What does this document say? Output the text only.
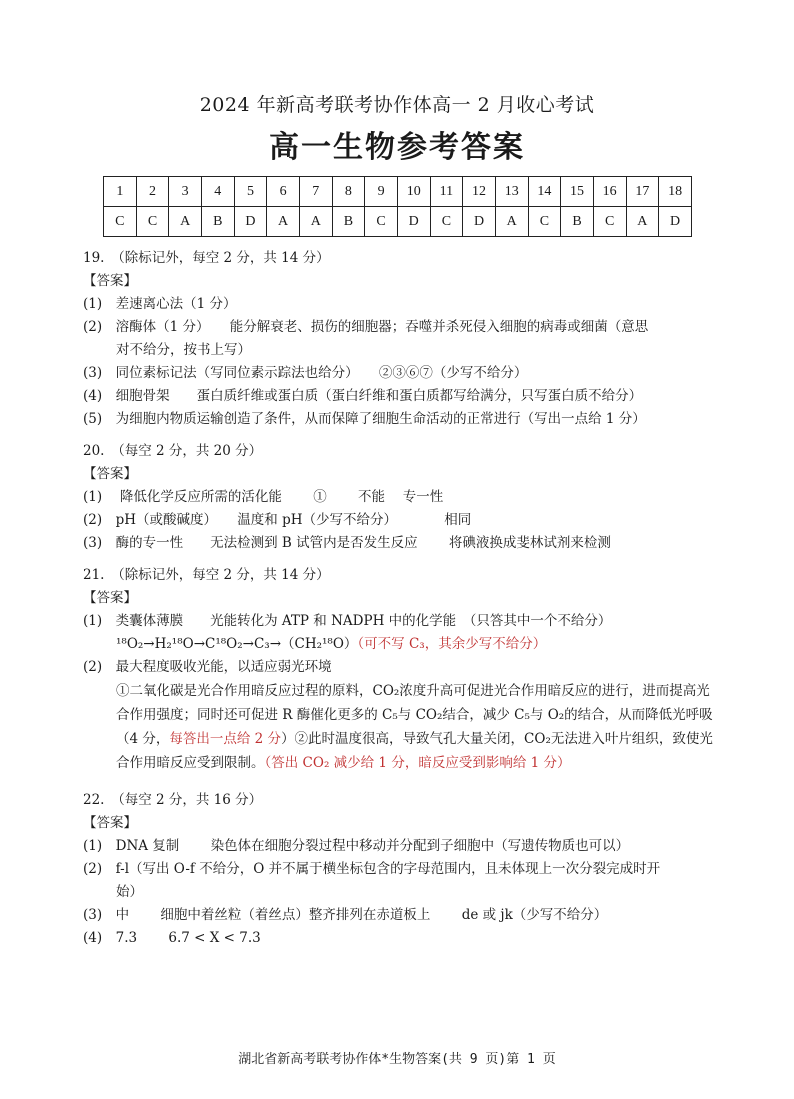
2024 年新高考联考协作体高一 2 月收心考试
高一生物参考答案
1	2	3	4	5	6	7	8	9	10	11	12	13	14	15	16	17	18
C	C	A	B	D	A	A	B	C	D	C	D	A	C	B	C	A	D
19.　（除标记外，每空 2 分，共 14 分）
【答案】
(1)　差速离心法（1 分）
(2)　溶酶体（1 分）　　能分解衰老、损伤的细胞器；吞噬并杀死侵入细胞的病毒或细菌（意思
对不给分，按书上写）
(3)　同位素标记法（写同位素示踪法也给分）　　②③⑥⑦（少写不给分）
(4)　细胞骨架　　蛋白质纤维或蛋白质（蛋白纤维和蛋白质都写给满分，只写蛋白质不给分）
(5)　为细胞内物质运输创造了条件，从而保障了细胞生命活动的正常进行（写出一点给 1 分）
20.　（每空 2 分，共 20 分）
【答案】
(1)　 降低化学反应所需的活化能　　 ①　　 不能　 专一性
(2)　pH（或酸碱度）　　温度和 pH（少写不给分）　　　　相同
(3)　酶的专一性　　无法检测到 B 试管内是否发生反应　　 将碘液换成斐林试剂来检测
21.　（除标记外，每空 2 分，共 14 分）
【答案】
(1)　类囊体薄膜　　光能转化为 ATP 和 NADPH 中的化学能　（只答其中一个不给分）
¹⁸O₂→H₂¹⁸O→C¹⁸O₂→C₃→（CH₂¹⁸O）（可不写 C₃，其余少写不给分）
(2)　最大程度吸收光能，以适应弱光环境
①二氧化碳是光合作用暗反应过程的原料，CO₂浓度升高可促进光合作用暗反应的进行，进而提高光合作用强度；同时还可促进 R 酶催化更多的 C₅与 CO₂结合，减少 C₅与 O₂的结合，从而降低光呼吸　（4 分，每答出一点给 2 分）②此时温度很高，导致气孔大量关闭，CO₂无法进入叶片组织，致使光合作用暗反应受到限制。（答出 CO₂ 减少给 1 分，暗反应受到影响给 1 分）
22.　（每空 2 分，共 16 分）
【答案】
(1)　DNA 复制　　 染色体在细胞分裂过程中移动并分配到子细胞中（写遗传物质也可以）
(2)　f-l（写出 O-f 不给分，O 并不属于横坐标包含的字母范围内，且未体现上一次分裂完成时开
始）
(3)　中　　 细胞中着丝粒（着丝点）整齐排列在赤道板上　　 de 或 jk（少写不给分）
(4)　7.3　　 6.7 < X < 7.3
湖北省新高考联考协作体*生物答案(共 9 页)第 1 页
